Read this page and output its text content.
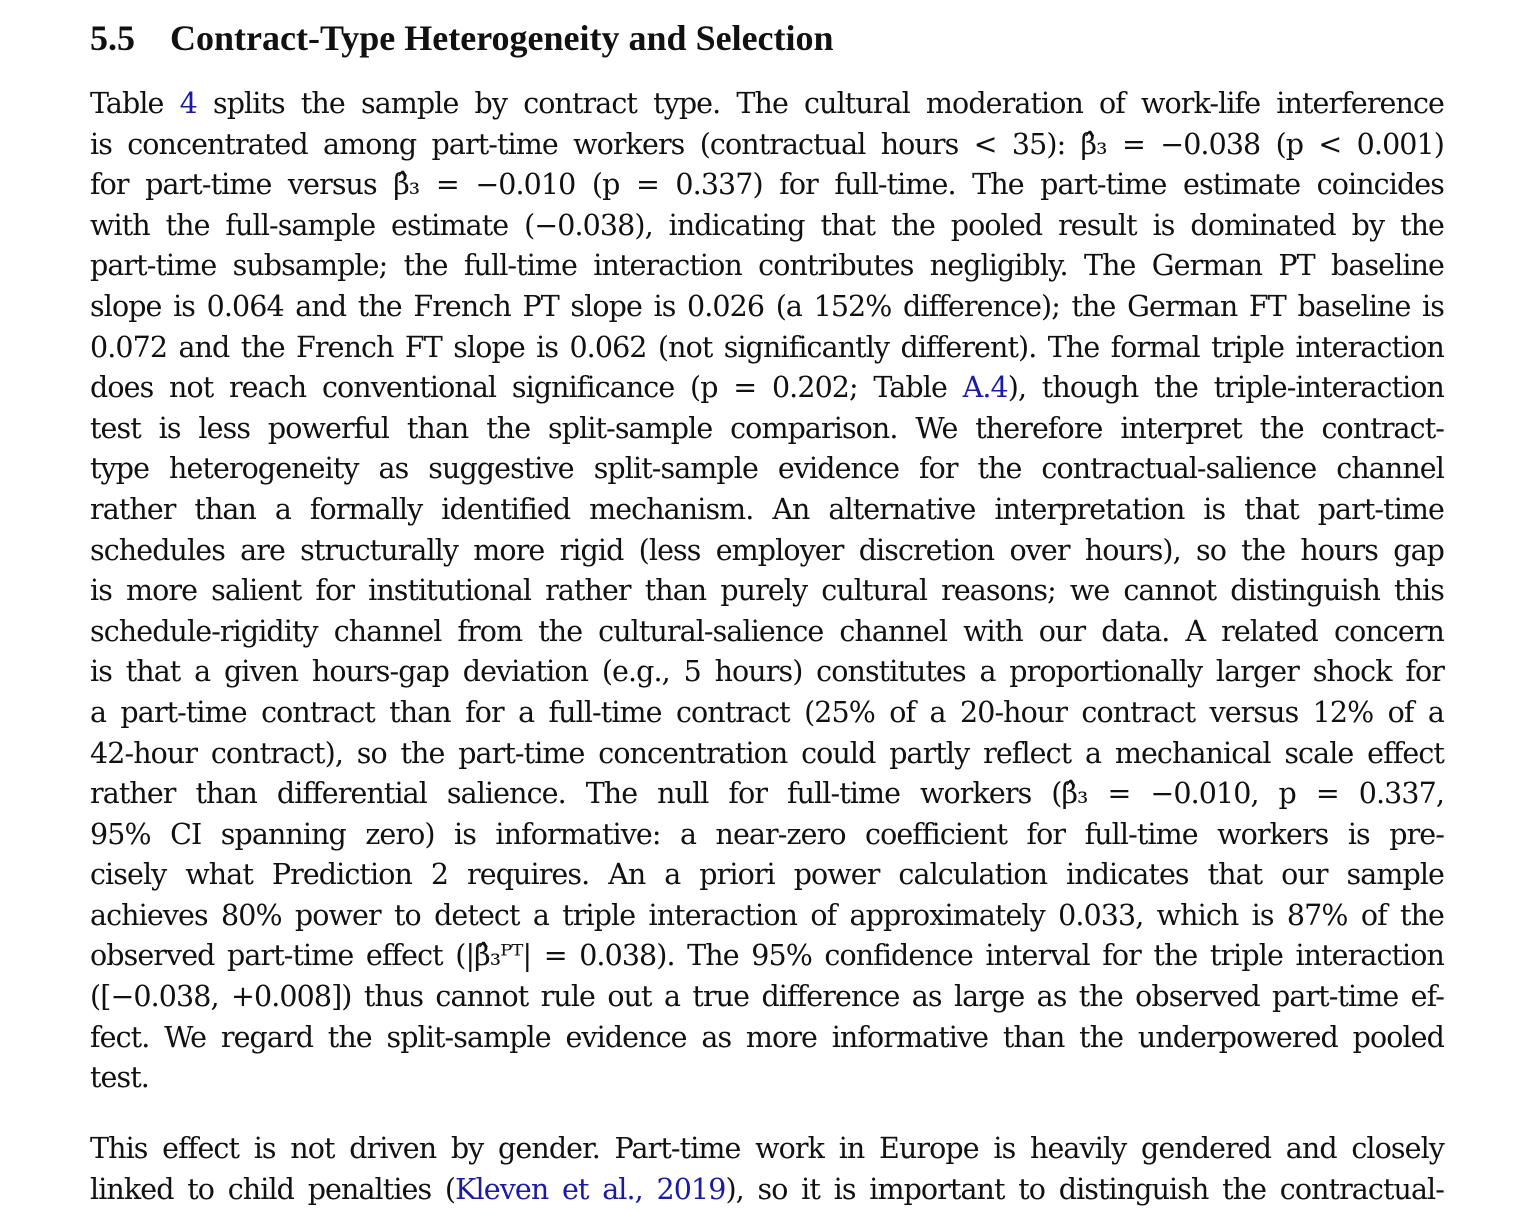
5.5 Contract-Type Heterogeneity and Selection
Table 4 splits the sample by contract type. The cultural moderation of work-life interference
is concentrated among part-time workers (contractual hours < 35): β̂₃ = −0.038 (p < 0.001)
for part-time versus β̂₃ = −0.010 (p = 0.337) for full-time. The part-time estimate coincides
with the full-sample estimate (−0.038), indicating that the pooled result is dominated by the
part-time subsample; the full-time interaction contributes negligibly. The German PT baseline
slope is 0.064 and the French PT slope is 0.026 (a 152% difference); the German FT baseline is
0.072 and the French FT slope is 0.062 (not significantly different). The formal triple interaction
does not reach conventional significance (p = 0.202; Table A.4), though the triple-interaction
test is less powerful than the split-sample comparison. We therefore interpret the contract-
type heterogeneity as suggestive split-sample evidence for the contractual-salience channel
rather than a formally identified mechanism. An alternative interpretation is that part-time
schedules are structurally more rigid (less employer discretion over hours), so the hours gap
is more salient for institutional rather than purely cultural reasons; we cannot distinguish this
schedule-rigidity channel from the cultural-salience channel with our data. A related concern
is that a given hours-gap deviation (e.g., 5 hours) constitutes a proportionally larger shock for
a part-time contract than for a full-time contract (25% of a 20-hour contract versus 12% of a
42-hour contract), so the part-time concentration could partly reflect a mechanical scale effect
rather than differential salience. The null for full-time workers (β̂₃ = −0.010, p = 0.337,
95% CI spanning zero) is informative: a near-zero coefficient for full-time workers is pre-
cisely what Prediction 2 requires. An a priori power calculation indicates that our sample
achieves 80% power to detect a triple interaction of approximately 0.033, which is 87% of the
observed part-time effect (|β̂₃ᴾᵀ| = 0.038). The 95% confidence interval for the triple interaction
([−0.038, +0.008]) thus cannot rule out a true difference as large as the observed part-time ef-
fect. We regard the split-sample evidence as more informative than the underpowered pooled
test.
This effect is not driven by gender. Part-time work in Europe is heavily gendered and closely
linked to child penalties (Kleven et al., 2019), so it is important to distinguish the contractual-
